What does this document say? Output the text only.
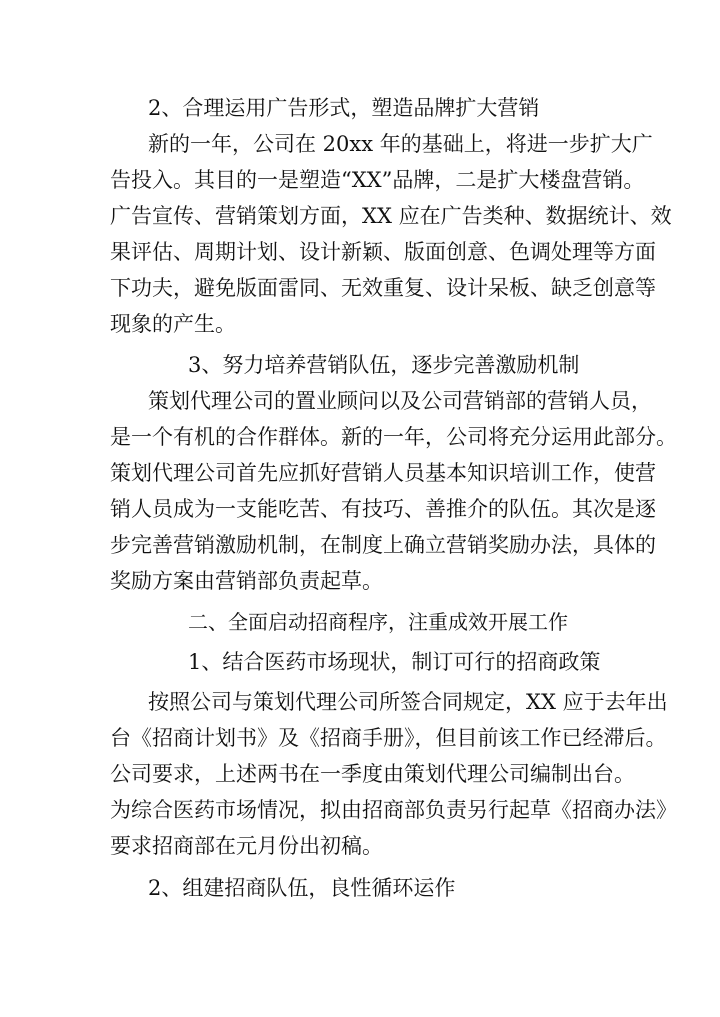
2、合理运用广告形式，塑造品牌扩大营销
新的一年，公司在 20xx 年的基础上，将进一步扩大广
告投入。其目的一是塑造“XX”品牌，二是扩大楼盘营销。
广告宣传、营销策划方面，XX 应在广告类种、数据统计、效
果评估、周期计划、设计新颖、版面创意、色调处理等方面
下功夫，避免版面雷同、无效重复、设计呆板、缺乏创意等
现象的产生。
3、努力培养营销队伍，逐步完善激励机制
策划代理公司的置业顾问以及公司营销部的营销人员，
是一个有机的合作群体。新的一年，公司将充分运用此部分。
策划代理公司首先应抓好营销人员基本知识培训工作，使营
销人员成为一支能吃苦、有技巧、善推介的队伍。其次是逐
步完善营销激励机制，在制度上确立营销奖励办法，具体的
奖励方案由营销部负责起草。
二、全面启动招商程序，注重成效开展工作
1、结合医药市场现状，制订可行的招商政策
按照公司与策划代理公司所签合同规定，XX 应于去年出
台《招商计划书》及《招商手册》，但目前该工作已经滞后。
公司要求，上述两书在一季度由策划代理公司编制出台。
为综合医药市场情况，拟由招商部负责另行起草《招商办法》
要求招商部在元月份出初稿。
2、组建招商队伍，良性循环运作
